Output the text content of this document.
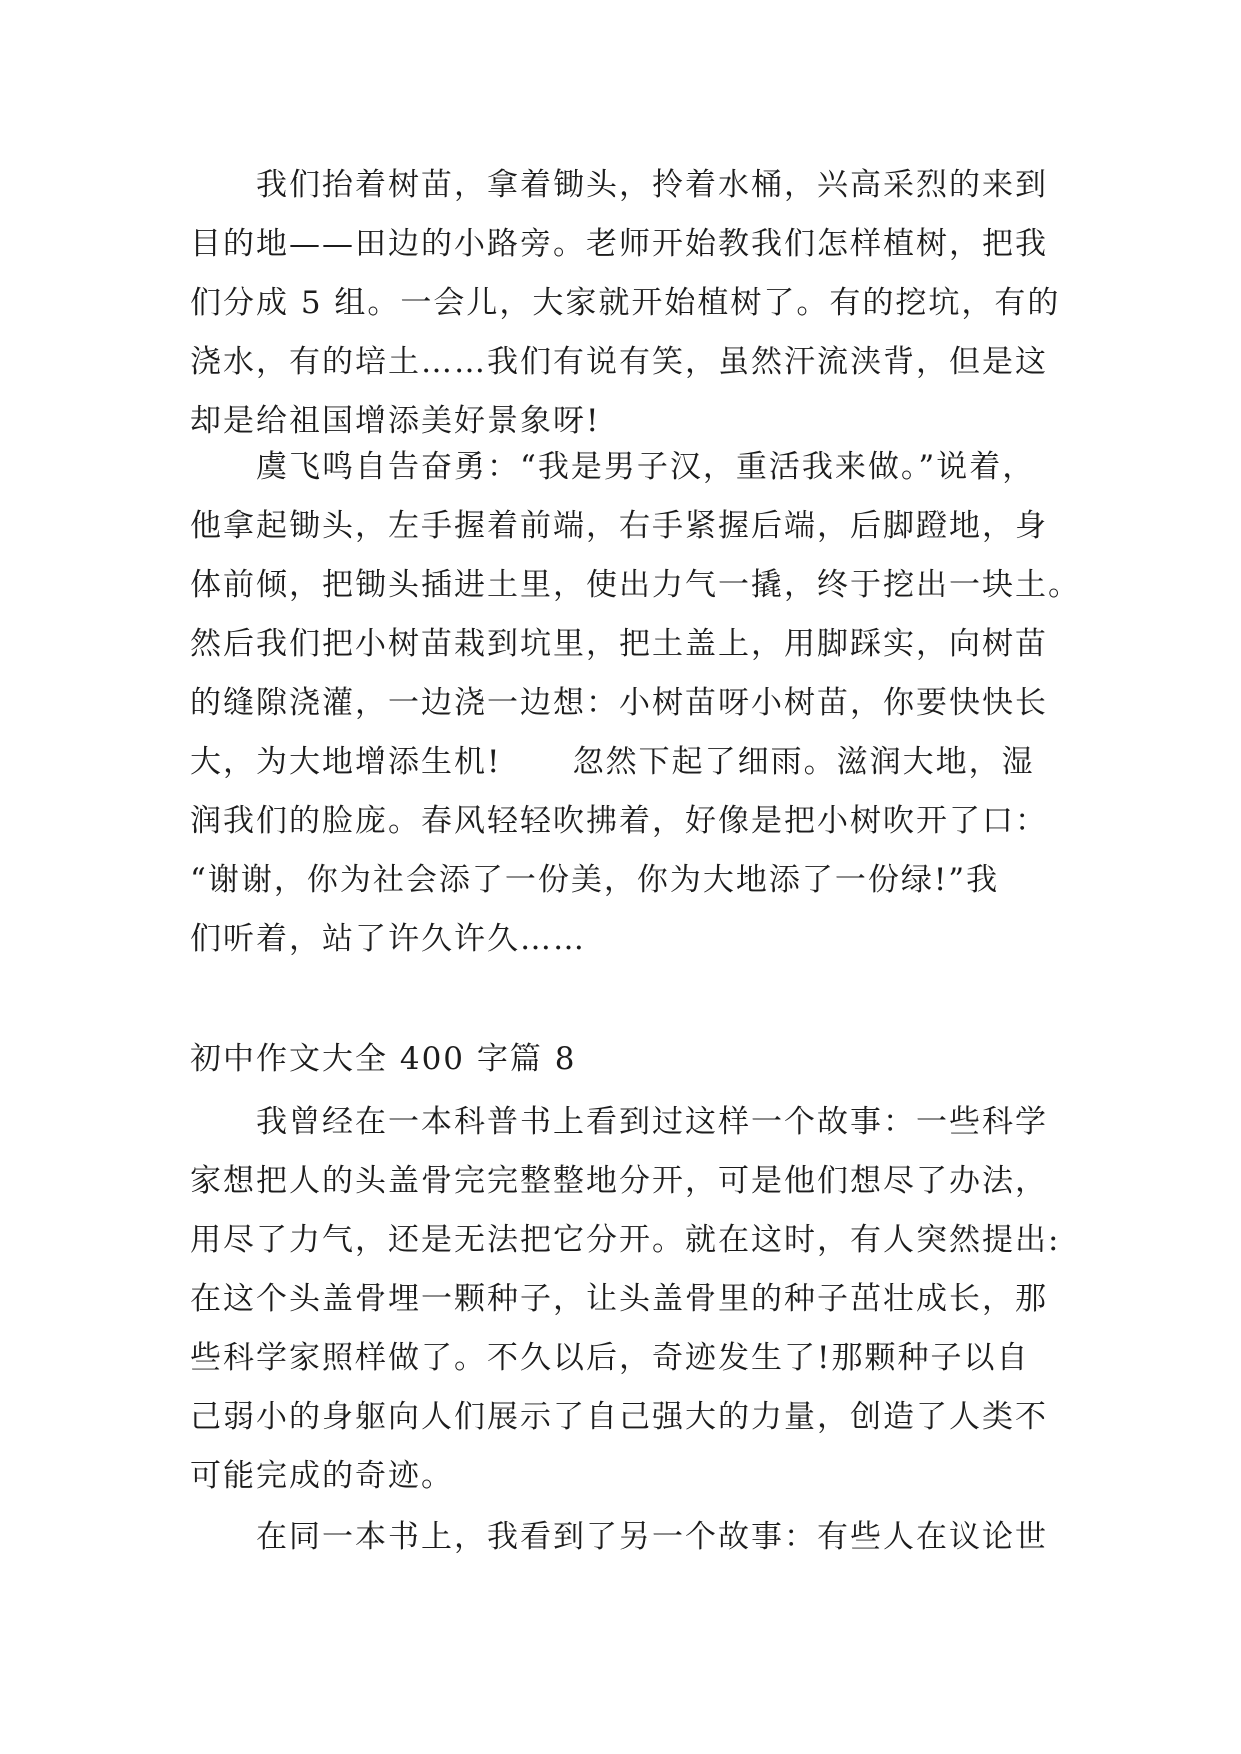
我们抬着树苗，拿着锄头，拎着水桶，兴高采烈的来到
目的地——田边的小路旁。老师开始教我们怎样植树，把我
们分成 5 组。一会儿，大家就开始植树了。有的挖坑，有的
浇水，有的培土……我们有说有笑，虽然汗流浃背，但是这
却是给祖国增添美好景象呀!
虞飞鸣自告奋勇：“我是男子汉，重活我来做。”说着，
他拿起锄头，左手握着前端，右手紧握后端，后脚蹬地，身
体前倾，把锄头插进土里，使出力气一撬，终于挖出一块土。
然后我们把小树苗栽到坑里，把土盖上，用脚踩实，向树苗
的缝隙浇灌，一边浇一边想：小树苗呀小树苗，你要快快长
大，为大地增添生机!      忽然下起了细雨。滋润大地，湿
润我们的脸庞。春风轻轻吹拂着，好像是把小树吹开了口：
“谢谢，你为社会添了一份美，你为大地添了一份绿!”我
们听着，站了许久许久……
初中作文大全 400 字篇 8
我曾经在一本科普书上看到过这样一个故事：一些科学
家想把人的头盖骨完完整整地分开，可是他们想尽了办法，
用尽了力气，还是无法把它分开。就在这时，有人突然提出:
在这个头盖骨埋一颗种子，让头盖骨里的种子茁壮成长，那
些科学家照样做了。不久以后，奇迹发生了!那颗种子以自
己弱小的身躯向人们展示了自己强大的力量，创造了人类不
可能完成的奇迹。
在同一本书上，我看到了另一个故事：有些人在议论世
